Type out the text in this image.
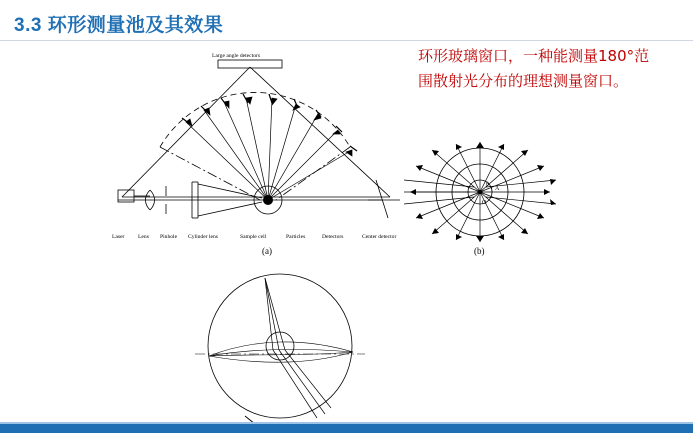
3.3 环形测量池及其效果
环形玻璃窗口，一种能测量180°范围散射光分布的理想测量窗口。
Large angle detectors
Laser Lens Pinhole Cylinder lens	Sample cell	Particles	Detectors	Center detector
(a)
θ
A
O
(b)
